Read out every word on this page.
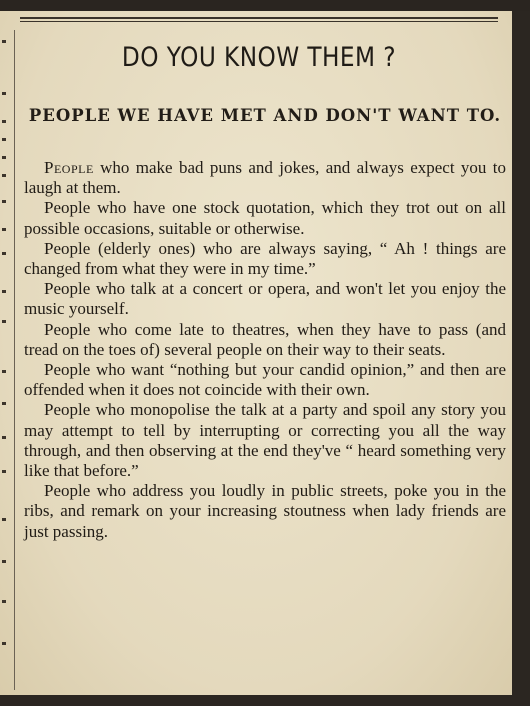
DO YOU KNOW THEM ?
PEOPLE WE HAVE MET AND DON'T WANT TO.

People who make bad puns and jokes, and always expect you to laugh at them.

People who have one stock quotation, which they trot out on all possible occasions, suitable or otherwise.

People (elderly ones) who are always saying, “ Ah ! things are changed from what they were in my time.”

People who talk at a concert or opera, and won't let you enjoy the music yourself.

People who come late to theatres, when they have to pass (and tread on the toes of) several people on their way to their seats.

People who want “nothing but your candid opinion,” and then are offended when it does not coincide with their own.

People who monopolise the talk at a party and spoil any story you may attempt to tell by interrupting or correcting you all the way through, and then observing at the end they've “ heard something very like that before.”

People who address you loudly in public streets, poke you in the ribs, and remark on your increasing stoutness when lady friends are just passing.
